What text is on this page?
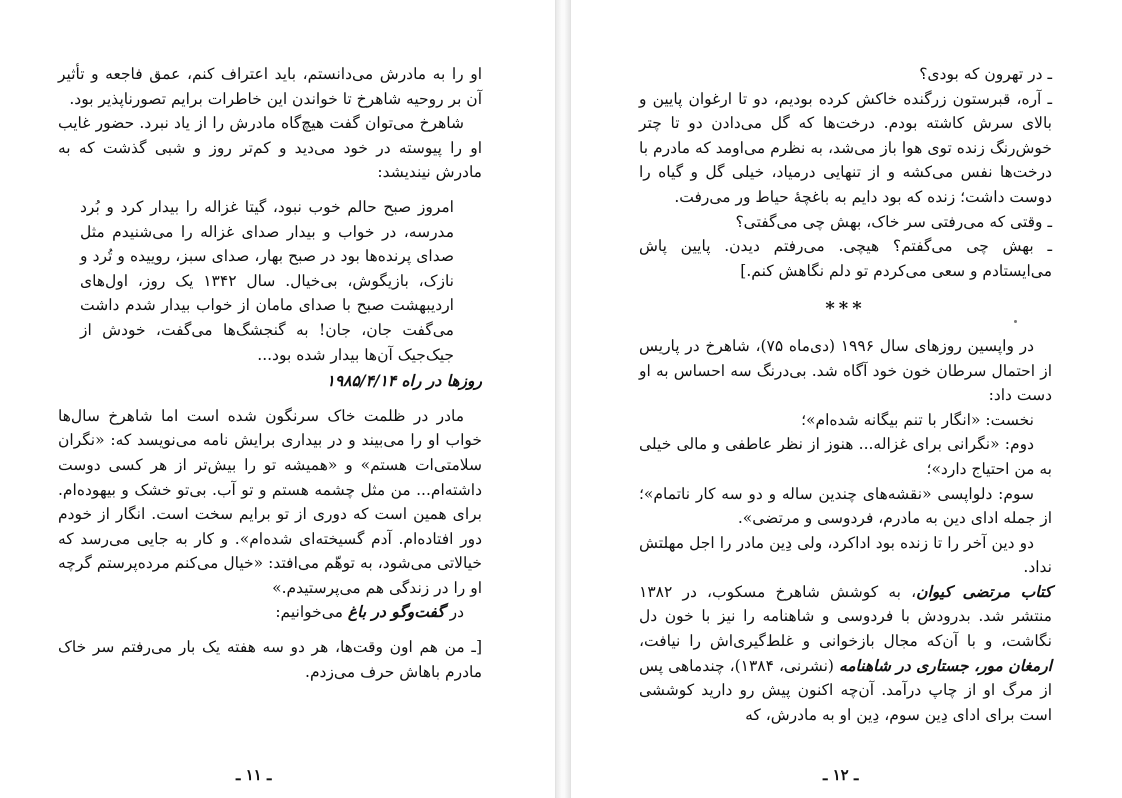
او را به مادرش می‌دانستم، باید اعتراف کنم، عمق فاجعه و تأثیر آن بر روحیه شاهرخ تا خواندن این خاطرات برایم تصورناپذیر بود.

شاهرخ می‌توان گفت هیچ‌گاه مادرش را از یاد نبرد. حضور غایب او را پیوسته در خود می‌دید و کم‌تر روز و شبی گذشت که به مادرش نیندیشد:

امروز صبح حالم خوب نبود، گیتا غزاله را بیدار کرد و بُرد مدرسه، در خواب و بیدار صدای غزاله را می‌شنیدم مثل صدای پرنده‌ها بود در صبح بهار، صدای سبز، روییده و تُرد و نازک، بازیگوش، بی‌خیال. سال ۱۳۴۲ یک روز، اول‌های اردیبهشت صبح با صدای مامان از خواب بیدار شدم داشت می‌گفت جان، جان! به گنجشگ‌ها می‌گفت، خودش از جیک‌جیک آن‌ها بیدار شده بود...

روزها در راه ۱۹۸۵/۴/۱۴

مادر در ظلمت خاک سرنگون شده است اما شاهرخ سال‌ها خواب او را می‌بیند و در بیداری برایش نامه می‌نویسد که: «نگران سلامتی‌ات هستم» و «همیشه تو را بیش‌تر از هر کسی دوست داشته‌ام... من مثل چشمه هستم و تو آب. بی‌تو خشک و بیهوده‌ام. برای همین است که دوری از تو برایم سخت است. انگار از خودم دور افتاده‌ام. آدم گسیخته‌ای شده‌ام». و کار به جایی می‌رسد که خیالاتی می‌شود، به توهّم می‌افتد: «خیال می‌کنم مرده‌پرستم گرچه او را در زندگی هم می‌پرستیدم.»

در گفت‌وگو در باغ می‌خوانیم:

[ـ من هم اون وقت‌ها، هر دو سه هفته یک بار می‌رفتم سر خاک مادرم باهاش حرف می‌زدم.

ـ ۱۱ ـ

ـ در تهرون که بودی؟

ـ آره، قبرستون زرگنده خاکش کرده بودیم، دو تا ارغوان پایین و بالای سرش کاشته بودم. درخت‌ها که گل می‌دادن دو تا چتر خوش‌رنگ زنده توی هوا باز می‌شد، به نظرم می‌اومد که مادرم با درخت‌ها نفس می‌کشه و از تنهایی درمیاد، خیلی گل و گیاه را دوست داشت؛ زنده که بود دایم به باغچهٔ حیاط ور می‌رفت.

ـ وقتی که می‌رفتی سر خاک، بهش چی می‌گفتی؟

ـ بهش چی می‌گفتم؟ هیچی. می‌رفتم دیدن. پایین پاش می‌ایستادم و سعی می‌کردم تو دلم نگاهش کنم.]

***

در واپسین روزهای سال ۱۹۹۶ (دی‌ماه ۷۵)، شاهرخ در پاریس از احتمال سرطان خون خود آگاه شد. بی‌درنگ سه احساس به او دست داد:

نخست: «انگار با تنم بیگانه شده‌ام»؛

دوم: «نگرانی برای غزاله... هنوز از نظر عاطفی و مالی خیلی به من احتیاج دارد»؛

سوم: دلواپسی «نقشه‌های چندین ساله و دو سه کار ناتمام»؛ از جمله ادای دین به مادرم، فردوسی و مرتضی».

دو دین آخر را تا زنده بود اداکرد، ولی دِین مادر را اجل مهلتش نداد.

کتاب مرتضی کیوان، به کوشش شاهرخ مسکوب، در ۱۳۸۲ منتشر شد. بدرودش با فردوسی و شاهنامه را نیز با خون دل نگاشت، و با آن‌که مجال بازخوانی و غلط‌گیری‌اش را نیافت، ارمغان مور، جستاری در شاهنامه (نشرنی، ۱۳۸۴)، چندماهی پس از مرگ او از چاپ درآمد. آن‌چه اکنون پیش رو دارید کوششی است برای ادای دِین سوم، دِین او به مادرش، که

ـ ۱۲ ـ
